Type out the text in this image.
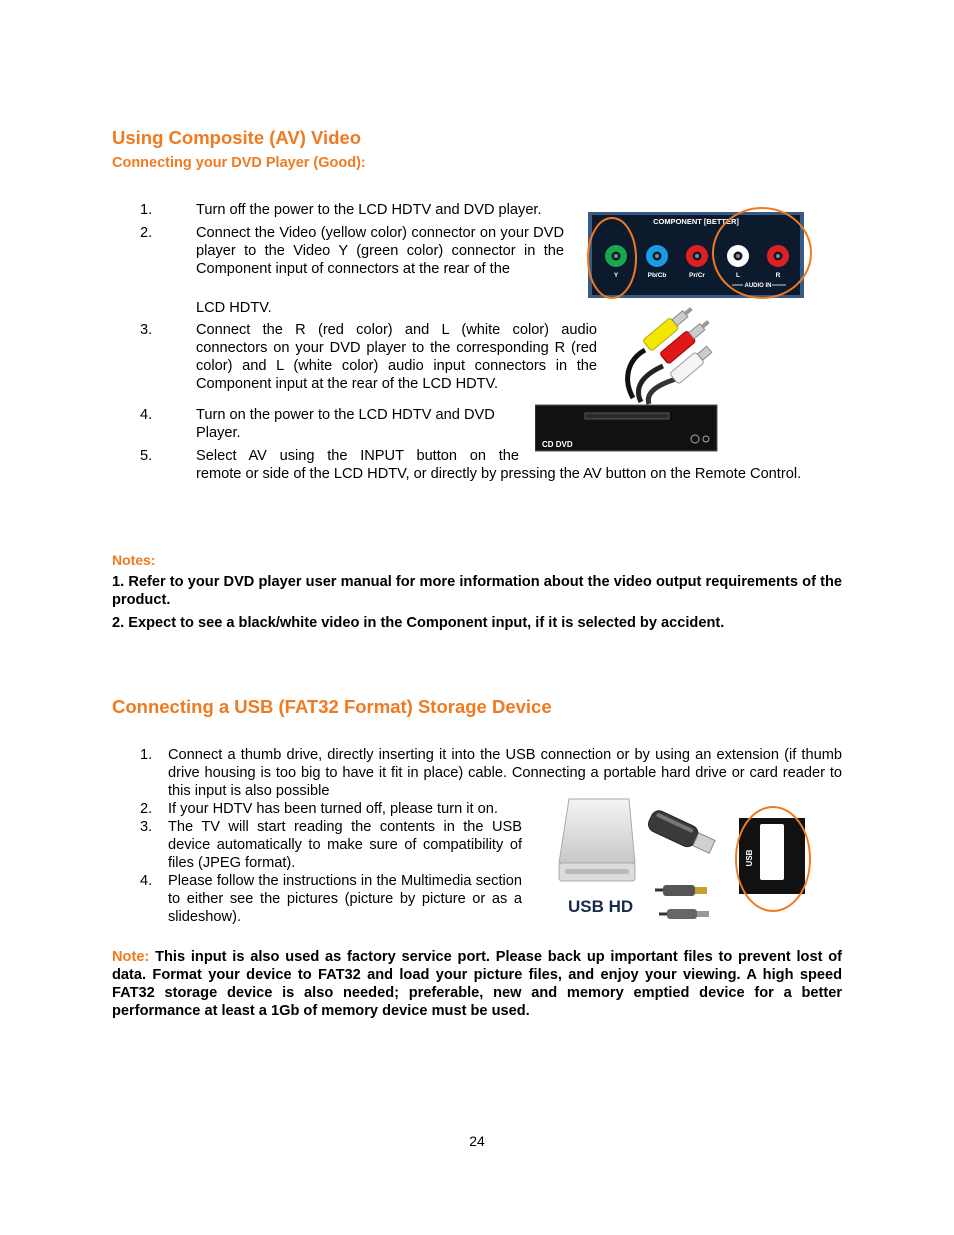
Using Composite (AV) Video
Connecting your DVD Player (Good):
1.	Turn off the power to the LCD HDTV and DVD player.
2.	Connect the Video (yellow color) connector on your DVD player to the Video Y (green color) connector in the Component input of connectors at the rear of the
LCD HDTV.
3.	Connect the R (red color) and L (white color) audio connectors on your DVD player to the corresponding R (red color) and L (white color) audio input connectors in the Component input at the rear of the LCD HDTV.
4.	Turn on the power to the LCD HDTV and DVD Player.
5.	Select AV using the INPUT button on the
remote or side of the LCD HDTV, or directly by pressing the AV button on the Remote Control.
COMPONENT [BETTER]
Y	Pb/Cb	Pr/Cr	L	R
AUDIO IN
CD DVD
Notes:
1. Refer to your DVD player user manual for more information about the video output requirements of the product.
2. Expect to see a black/white video in the Component input, if it is selected by accident.
Connecting a USB (FAT32 Format) Storage Device
1. Connect a thumb drive, directly inserting it into the USB connection or by using an extension (if thumb drive housing is too big to have it fit in place) cable. Connecting a portable hard drive or card reader to this input is also possible
2. If your HDTV has been turned off, please turn it on.
3. The TV will start reading the contents in the USB device automatically to make sure of compatibility of files (JPEG format).
4. Please follow the instructions in the Multimedia section to either see the pictures (picture by picture or as a slideshow).
USB HD
USB
Note: This input is also used as factory service port. Please back up important files to prevent lost of data. Format your device to FAT32 and load your picture files, and enjoy your viewing. A high speed FAT32 storage device is also needed; preferable, new and memory emptied device for a better performance at least a 1Gb of memory device must be used.
24
